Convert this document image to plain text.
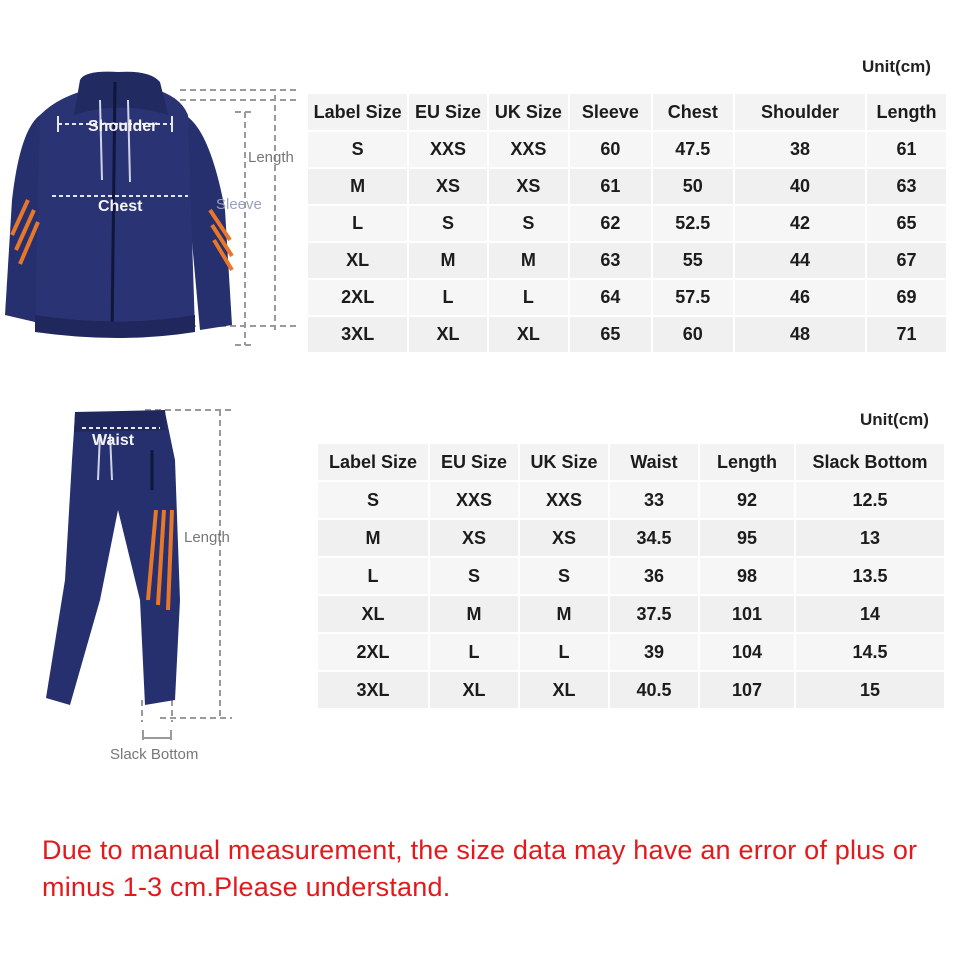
Shoulder
Chest
Length
Sleeve
Unit(cm)
Label Size	EU Size	UK Size	Sleeve	Chest	Shoulder	Length
S	XXS	XXS	60	47.5	38	61
M	XS	XS	61	50	40	63
L	S	S	62	52.5	42	65
XL	M	M	63	55	44	67
2XL	L	L	64	57.5	46	69
3XL	XL	XL	65	60	48	71
Waist
Length
Slack Bottom
Unit(cm)
Label Size	EU Size	UK Size	Waist	Length	Slack Bottom
S	XXS	XXS	33	92	12.5
M	XS	XS	34.5	95	13
L	S	S	36	98	13.5
XL	M	M	37.5	101	14
2XL	L	L	39	104	14.5
3XL	XL	XL	40.5	107	15
Due to manual measurement, the size data may have an error of plus or minus 1-3 cm.Please understand.
